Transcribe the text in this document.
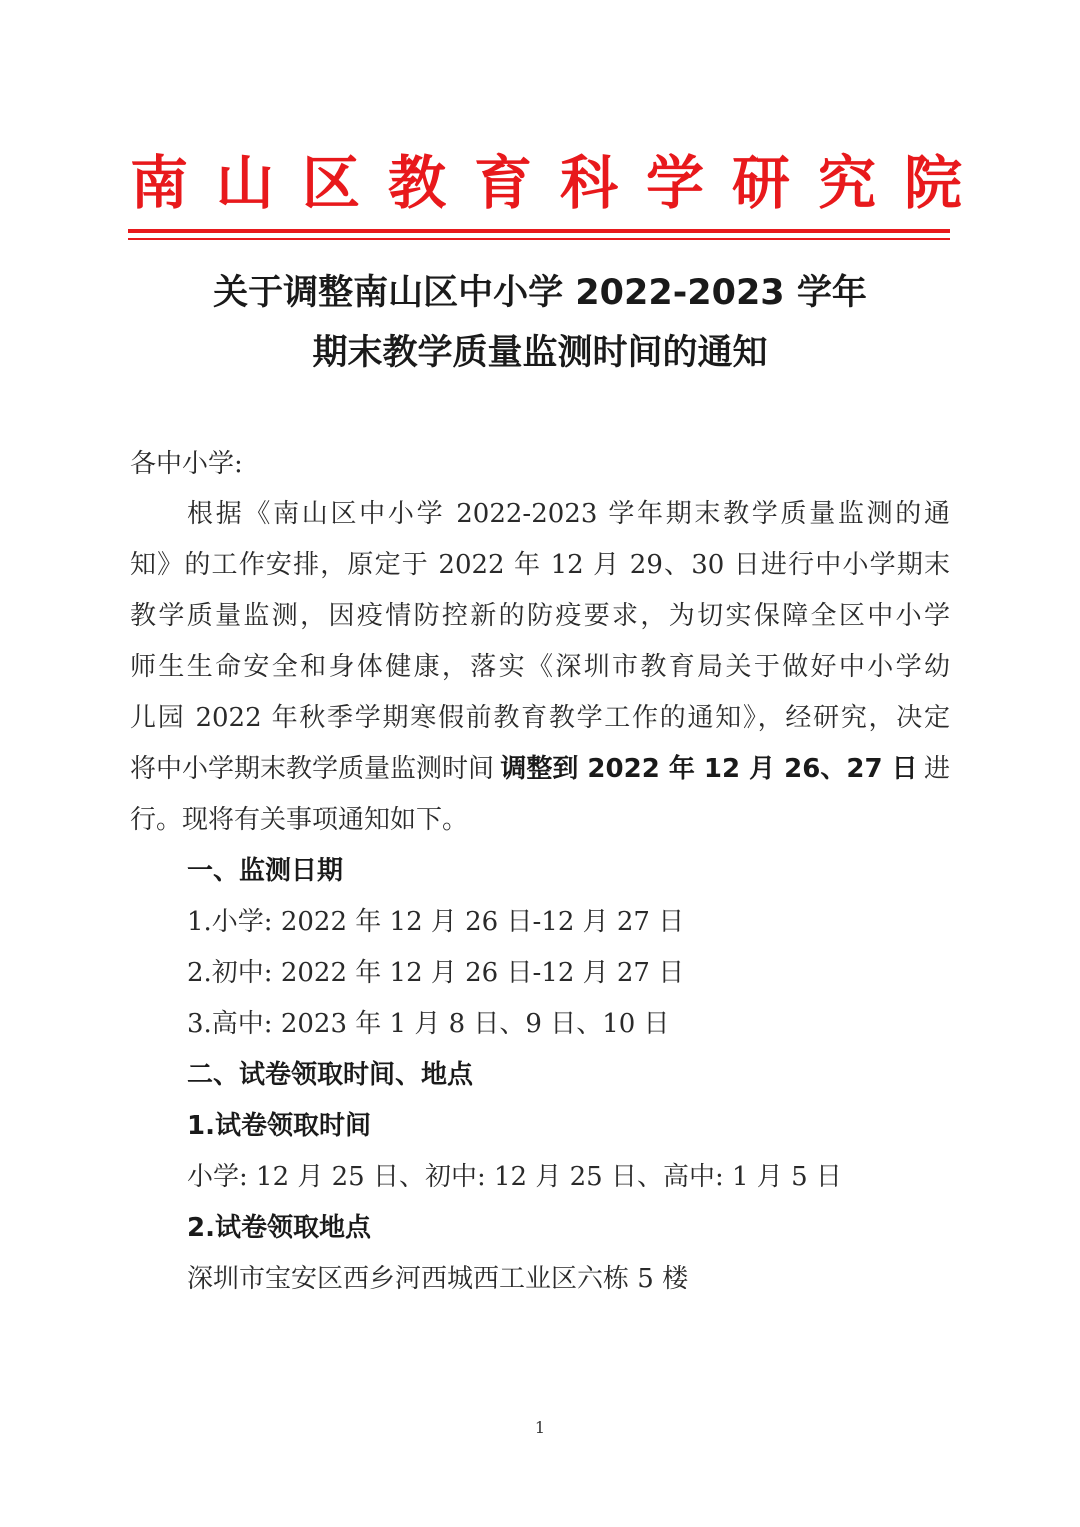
南山区教育科学研究院
关于调整南山区中小学 2022-2023 学年
期末教学质量监测时间的通知
各中小学:
根据《南山区中小学 2022-2023 学年期末教学质量监测的通
知》的工作安排，原定于 2022 年 12 月 29、30 日进行中小学期末
教学质量监测，因疫情防控新的防疫要求，为切实保障全区中小学
师生生命安全和身体健康，落实《深圳市教育局关于做好中小学幼
儿园 2022 年秋季学期寒假前教育教学工作的通知》，经研究，决定
将中小学期末教学质量监测时间 调整到 2022 年 12 月 26、27 日 进
行。现将有关事项通知如下。
一、监测日期
1.小学: 2022 年 12 月 26 日-12 月 27 日
2.初中: 2022 年 12 月 26 日-12 月 27 日
3.高中: 2023 年 1 月 8 日、9 日、10 日
二、试卷领取时间、地点
1.试卷领取时间
小学: 12 月 25 日、初中: 12 月 25 日、高中: 1 月 5 日
2.试卷领取地点
深圳市宝安区西乡河西城西工业区六栋 5 楼
1
